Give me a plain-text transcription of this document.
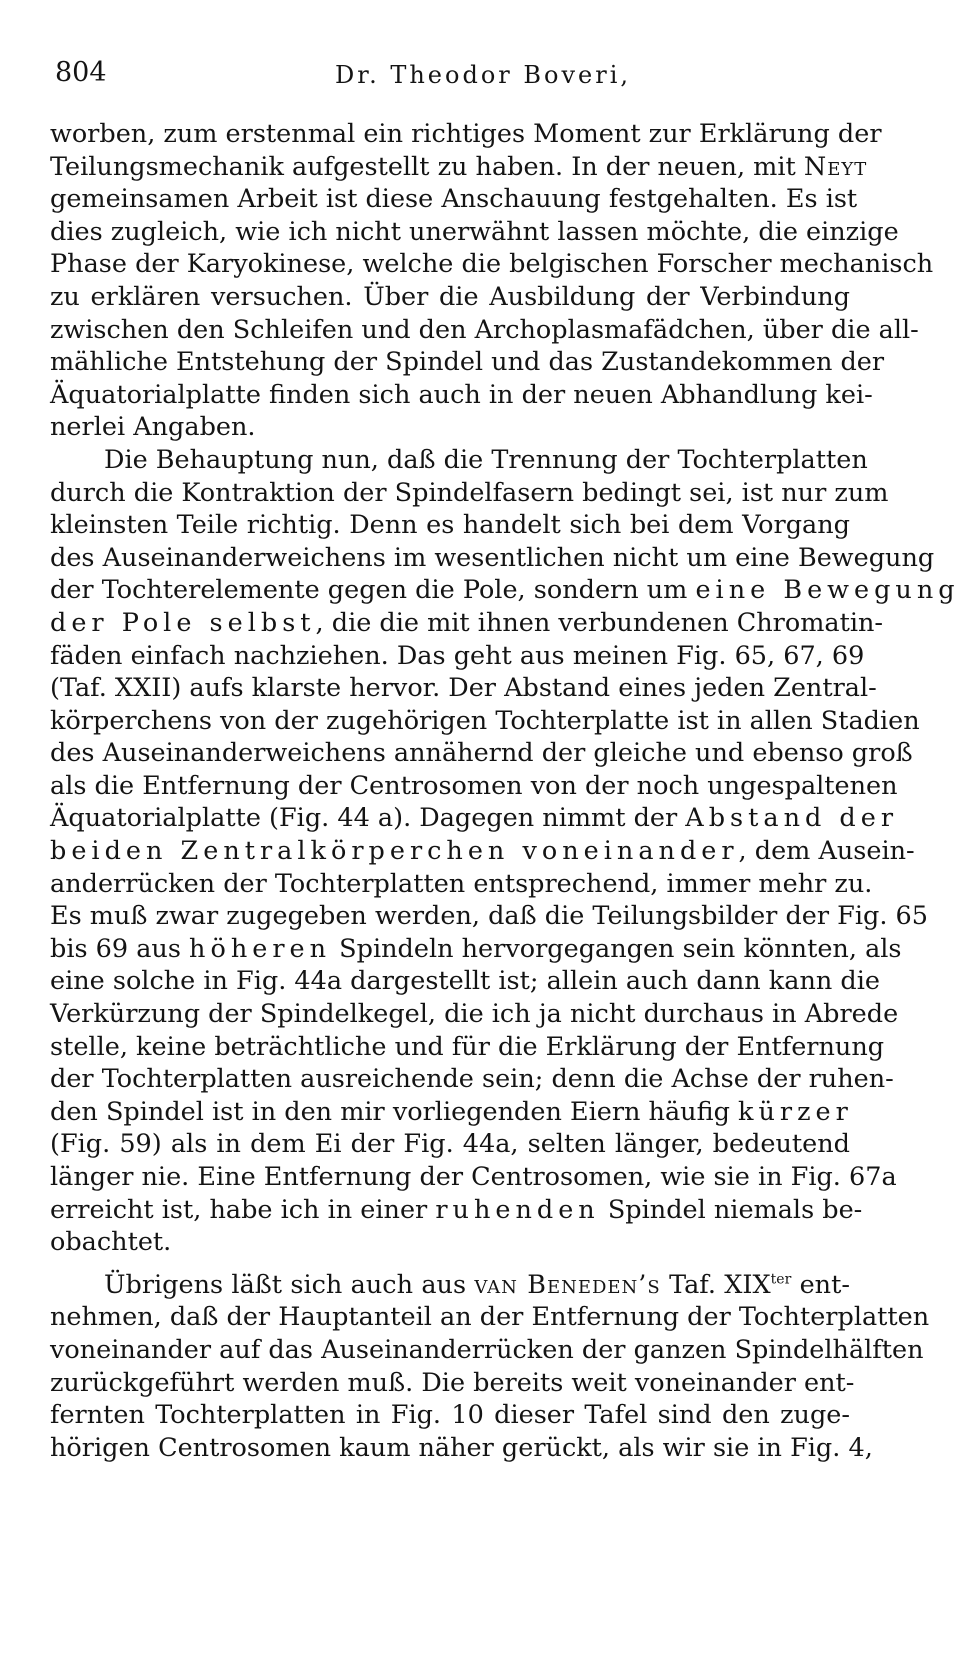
804	Dr. Theodor Boveri,
worben, zum erstenmal ein richtiges Moment zur Erklärung der
Teilungsmechanik aufgestellt zu haben. In der neuen, mit Neyt
gemeinsamen Arbeit ist diese Anschauung festgehalten. Es ist
dies zugleich, wie ich nicht unerwähnt lassen möchte, die einzige
Phase der Karyokinese, welche die belgischen Forscher mechanisch
zu erklären versuchen. Über die Ausbildung der Verbindung
zwischen den Schleifen und den Archoplasmafädchen, über die all-
mähliche Entstehung der Spindel und das Zustandekommen der
Äquatorialplatte finden sich auch in der neuen Abhandlung kei-
nerlei Angaben.
Die Behauptung nun, daß die Trennung der Tochterplatten
durch die Kontraktion der Spindelfasern bedingt sei, ist nur zum
kleinsten Teile richtig. Denn es handelt sich bei dem Vorgang
des Auseinanderweichens im wesentlichen nicht um eine Bewegung
der Tochterelemente gegen die Pole, sondern um eine Bewegung
der Pole selbst, die die mit ihnen verbundenen Chromatin-
fäden einfach nachziehen. Das geht aus meinen Fig. 65, 67, 69
(Taf. XXII) aufs klarste hervor. Der Abstand eines jeden Zentral-
körperchens von der zugehörigen Tochterplatte ist in allen Stadien
des Auseinanderweichens annähernd der gleiche und ebenso groß
als die Entfernung der Centrosomen von der noch ungespaltenen
Äquatorialplatte (Fig. 44 a). Dagegen nimmt der Abstand der
beiden Zentralkörperchen voneinander, dem Ausein-
anderrücken der Tochterplatten entsprechend, immer mehr zu.
Es muß zwar zugegeben werden, daß die Teilungsbilder der Fig. 65
bis 69 aus höheren Spindeln hervorgegangen sein könnten, als
eine solche in Fig. 44a dargestellt ist; allein auch dann kann die
Verkürzung der Spindelkegel, die ich ja nicht durchaus in Abrede
stelle, keine beträchtliche und für die Erklärung der Entfernung
der Tochterplatten ausreichende sein; denn die Achse der ruhen-
den Spindel ist in den mir vorliegenden Eiern häufig kürzer
(Fig. 59) als in dem Ei der Fig. 44a, selten länger, bedeutend
länger nie. Eine Entfernung der Centrosomen, wie sie in Fig. 67a
erreicht ist, habe ich in einer ruhenden Spindel niemals be-
obachtet.
Übrigens läßt sich auch aus van Beneden’s Taf. $XIX^{ter}$ ent-
nehmen, daß der Hauptanteil an der Entfernung der Tochterplatten
voneinander auf das Auseinanderrücken der ganzen Spindelhälften
zurückgeführt werden muß. Die bereits weit voneinander ent-
fernten Tochterplatten in Fig. 10 dieser Tafel sind den zuge-
hörigen Centrosomen kaum näher gerückt, als wir sie in Fig. 4,
